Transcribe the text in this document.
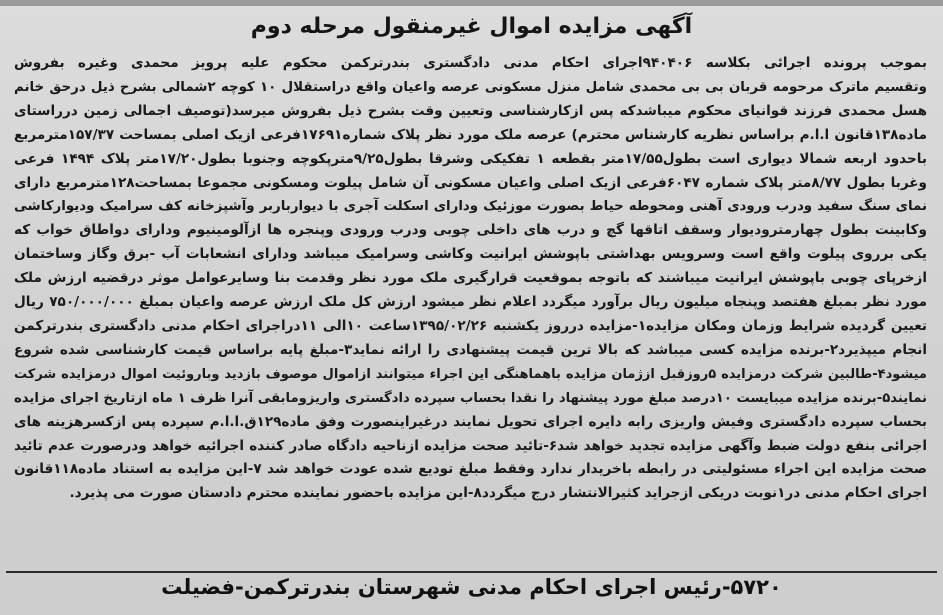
آگهی مزایده اموال غیرمنقول مرحله دوم
بموجب پرونده اجرائی بکلاسه ۹۴۰۴۰۶اجرای احکام مدنی دادگستری بندرترکمن محکوم علیه پرویز محمدی وغیره بفروش
وتقسیم ماترک مرحومه قربان بی بی محمدی شامل منزل مسکونی عرصه واعیان واقع دراستقلال ۱۰ کوچه ۲شمالی بشرح ذیل درحق خانم
هسل محمدی فرزند قوانیای محکوم میباشدکه پس ازکارشناسی وتعیین وقت بشرح ذیل بفروش میرسد(توصیف اجمالی زمین درراستای
ماده۱۳۸قانون ا.ا.م براساس نظریه کارشناس محترم) عرصه ملک مورد نظر پلاک شماره۱۷۶۹۱فرعی ازیک اصلی بمساحت ۱۵۷/۳۷مترمربع
باحدود اربعه شمالا دیواری است بطول۱۷/۵۵متر بقطعه ۱ تفکیکی وشرقا بطول۹/۲۵مترپکوچه وجنوبا بطول۱۷/۲۰متر پلاک ۱۴۹۴ فرعی
وغربا بطول ۸/۷۷متر پلاک شماره ۶۰۴۷فرعی ازیک اصلی واعیان مسکونی آن شامل پیلوت ومسکونی مجموعا بمساحت۱۲۸مترمربع دارای
نمای سنگ سفید ودرب ورودی آهنی ومحوطه حیاط بصورت موزئیک ودارای اسکلت آجری با دیوارباربر وآشپزخانه کف سرامیک ودیوارکاشی
وکابینت بطول چهارمترودیوار وسقف اتاقها گچ و درب های داخلی چوبی ودرب ورودی وپنجره ها ازآلومینیوم ودارای دواطاق خواب که
یکی برروی پیلوت واقع است وسرویس بهداشتی باپوشش ایرانیت وکاشی وسرامیک میباشد ودارای انشعابات آب -برق وگاز وساختمان
ازخرپای چوبی باپوشش ایرانیت میباشند که باتوجه بموقعیت قرارگیری ملک مورد نظر وقدمت بنا وسایرعوامل موثر درقضیه ارزش ملک
مورد نظر بمبلغ هفتصد وپنجاه میلیون ریال برآورد میگردد اعلام نظر میشود ارزش کل ملک ارزش عرصه واعیان بمبلغ ۷۵۰/۰۰۰/۰۰۰ ریال
تعیین گردیده شرایط وزمان ومکان مزایده۱-مزایده درروز یکشنبه ۱۳۹۵/۰۲/۲۶ساعت ۱۰الی ۱۱دراجرای احکام مدنی دادگستری بندرترکمن
انجام میپذیرد۲-برنده مزایده کسی میباشد که بالا ترین قیمت پیشنهادی را ارائه نماید۳-مبلغ پایه براساس قیمت کارشناسی شده شروع
میشود۴-طالبین شرکت درمزایده ۵روزقبل ازژمان مزایده باهماهنگی این اجراء میتوانند ازاموال موصوف بازدید وباروئیت اموال درمزایده شرکت
نمایند۵-برنده مزایده میبایست ۱۰درصد مبلغ مورد پیشنهاد را نقدا بحساب سپرده دادگستری واریزومابقی آنرا ظرف ۱ ماه ازتاریخ اجرای مزایده
بحساب سپرده دادگستری وفیش واریزی رابه دایره اجرای تحویل نمایند درغیراینصورت وفق ماده۱۲۹ق.ا.ا.م سپرده پس ازکسرهزینه های
اجرائی بنفع دولت ضبط وآگهی مزایده تجدید خواهد شد۶-تائید صحت مزایده ازناحیه دادگاه صادر کننده اجرائیه خواهد ودرصورت عدم تائید
صحت مزایده این اجراء مسئولیتی در رابطه باخریدار ندارد وفقط مبلغ تودیع شده عودت خواهد شد ۷-این مزایده به استناد ماده۱۱۸قانون
اجرای احکام مدنی در۱نوبت دریکی ازجراید کثیرالانتشار درج میگردد۸-این مزایده باحضور نماینده محترم دادستان صورت می پذیرد.
۵۷۲۰-رئیس اجرای احکام مدنی شهرستان بندرترکمن-فضیلت
